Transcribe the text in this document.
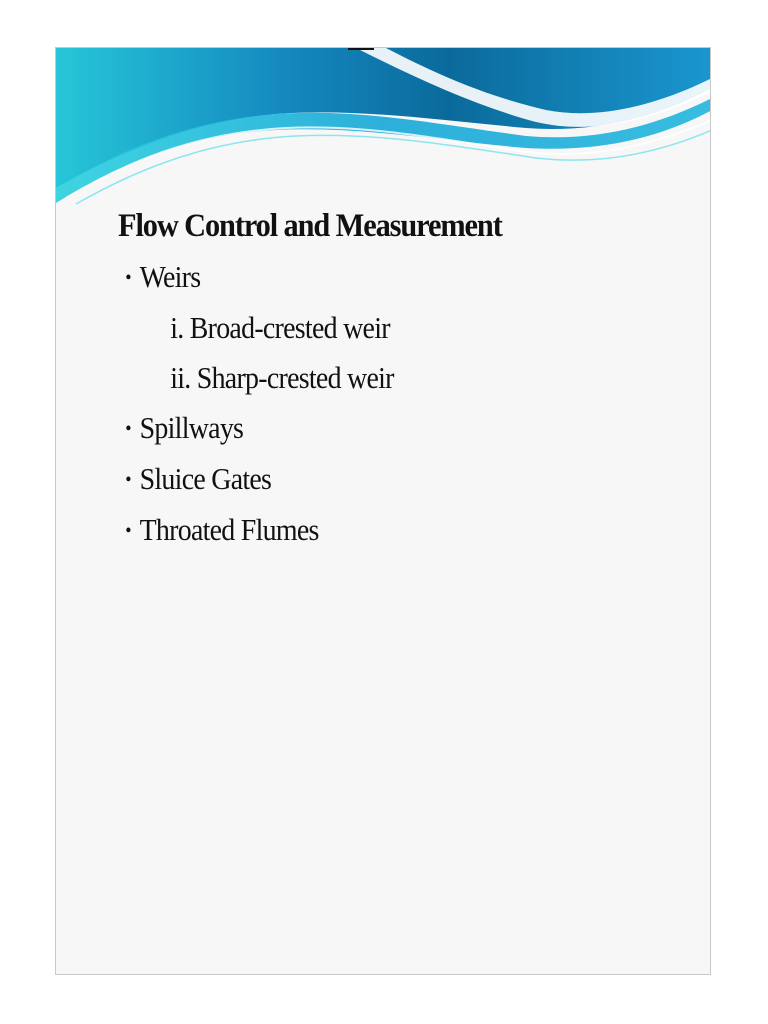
Flow Control and Measurement
• Weirs
i. Broad-crested weir
ii. Sharp-crested weir
• Spillways
• Sluice Gates
• Throated Flumes
